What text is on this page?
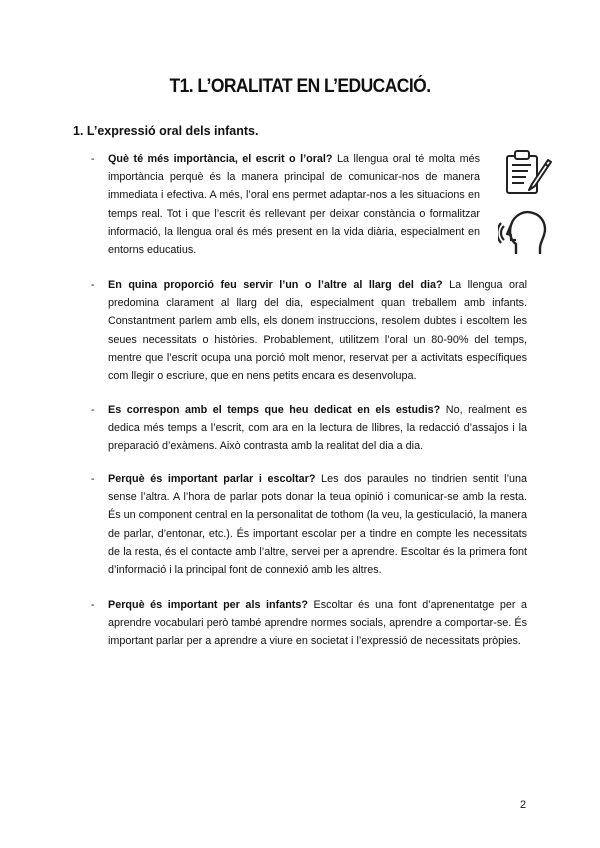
T1. L’ORALITAT EN L’EDUCACIÓ.
1. L’expressió oral dels infants.
-	Què té més importància, el escrit o l’oral? La llengua oral té molta més importància perquè és la manera principal de comunicar-nos de manera immediata i efectiva. A més, l’oral ens permet adaptar-nos a les situacions en temps real. Tot i que l’escrit és rellevant per deixar constància o formalitzar informació, la llengua oral és més present en la vida diària, especialment en entorns educatius.
-	En quina proporció feu servir l’un o l’altre al llarg del dia? La llengua oral predomina clarament al llarg del dia, especialment quan treballem amb infants. Constantment parlem amb ells, els donem instruccions, resolem dubtes i escoltem les seues necessitats o històries. Probablement, utilitzem l’oral un 80-90% del temps, mentre que l’escrit ocupa una porció molt menor, reservat per a activitats específiques com llegir o escriure, que en nens petits encara es desenvolupa.
-	Es correspon amb el temps que heu dedicat en els estudis? No, realment es dedica més temps a l’escrit, com ara en la lectura de llibres, la redacció d’assajos i la preparació d’exàmens. Això contrasta amb la realitat del dia a dia.
-	Perquè és important parlar i escoltar? Les dos paraules no tindrien sentit l’una sense l’altra. A l’hora de parlar pots donar la teua opinió i comunicar-se amb la resta. És un component central en la personalitat de tothom (la veu, la gesticulació, la manera de parlar, d’entonar, etc.). És important escolar per a tindre en compte les necessitats de la resta, és el contacte amb l’altre, servei per a aprendre. Escoltar és la primera font d’informació i la principal font de connexió amb les altres.
-	Perquè és important per als infants? Escoltar és una font d’aprenentatge per a aprendre vocabulari però també aprendre normes socials, aprendre a comportar-se. És important parlar per a aprendre a viure en societat i l’expressió de necessitats pròpies.
2
